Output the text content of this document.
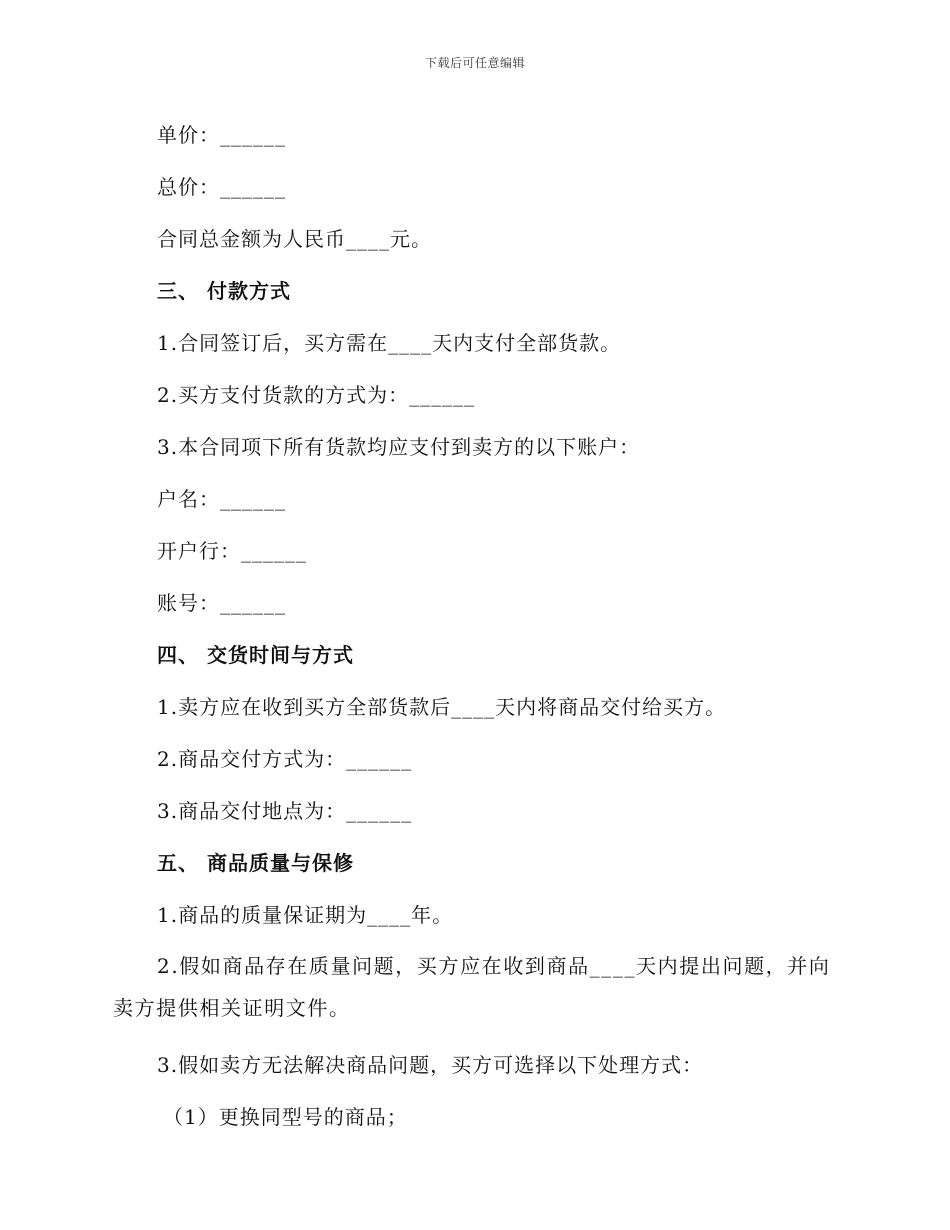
下载后可任意编辑
单价：______
总价：______
合同总金额为人民币____元。
三、 付款方式
1.合同签订后，买方需在____天内支付全部货款。
2.买方支付货款的方式为：______
3.本合同项下所有货款均应支付到卖方的以下账户：
户名：______
开户行：______
账号：______
四、 交货时间与方式
1.卖方应在收到买方全部货款后____天内将商品交付给买方。
2.商品交付方式为：______
3.商品交付地点为：______
五、 商品质量与保修
1.商品的质量保证期为____年。
2.假如商品存在质量问题，买方应在收到商品____天内提出问题，并向卖方提供相关证明文件。
3.假如卖方无法解决商品问题，买方可选择以下处理方式：
（1）更换同型号的商品；
